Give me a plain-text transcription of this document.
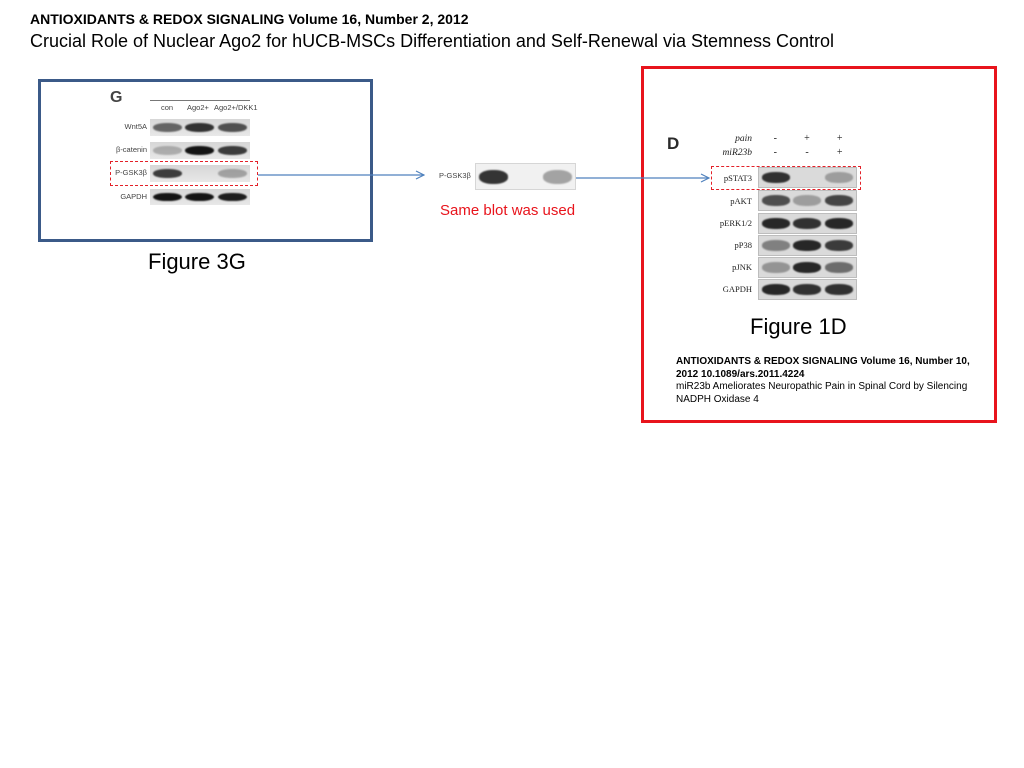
ANTIOXIDANTS & REDOX SIGNALING Volume 16, Number 2, 2012
Crucial Role of Nuclear Ago2 for hUCB-MSCs Differentiation and Self-Renewal via Stemness Control
G
con Ago2+ Ago2+/DKK1
Wnt5A
β-catenin
P-GSK3β
GAPDH
Figure 3G
P-GSK3β
Same blot was used
D	pain	-	+	+
miR23b	-	-	+
pSTAT3
pAKT
pERK1/2
pP38
pJNK
GAPDH
Figure 1D
ANTIOXIDANTS & REDOX SIGNALING Volume 16, Number 10, 2012 10.1089/ars.2011.4224
miR23b Ameliorates Neuropathic Pain in Spinal Cord by Silencing NADPH Oxidase 4
